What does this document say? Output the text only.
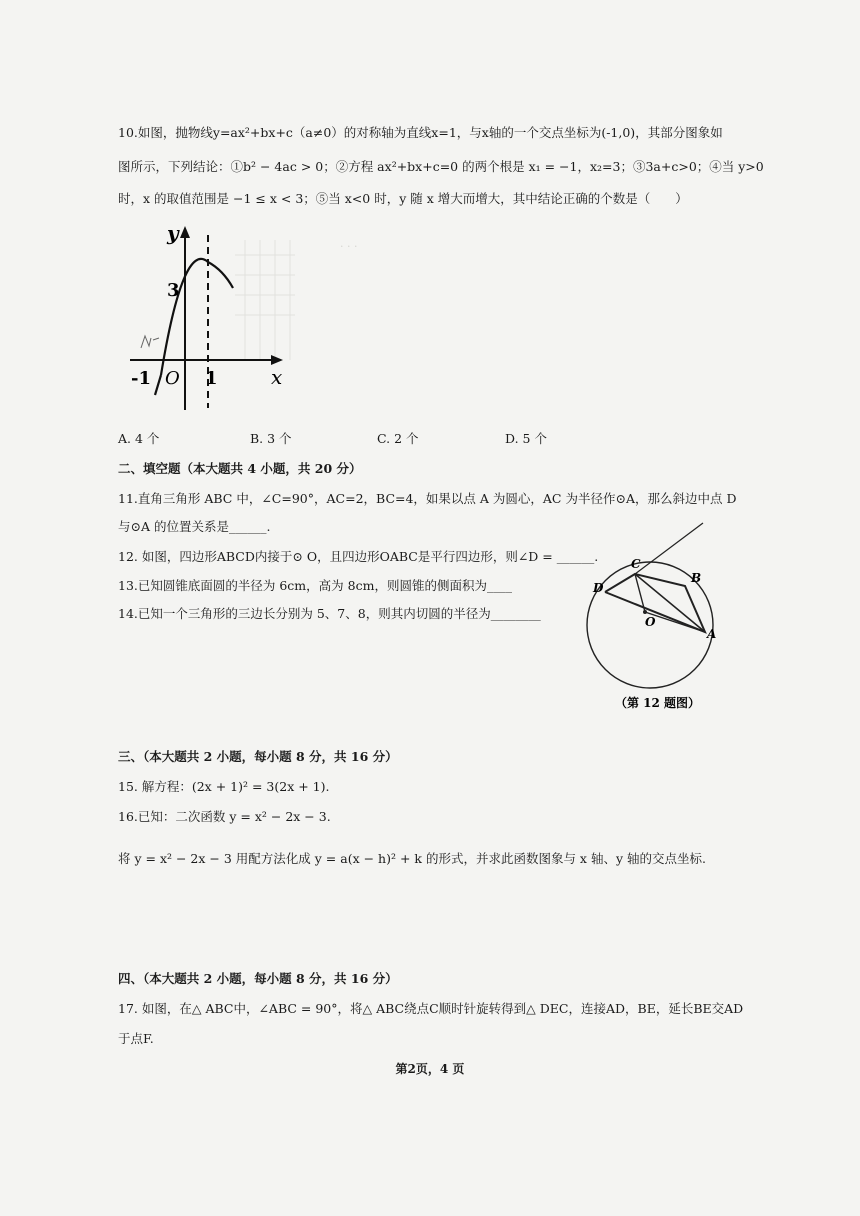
· · ·
10.如图，抛物线y=ax²+bx+c（a≠0）的对称轴为直线x=1，与x轴的一个交点坐标为(-1,0)，其部分图象如
图所示，下列结论：①b² − 4ac > 0；②方程 ax²+bx+c=0 的两个根是 x₁ = −1，x₂=3；③3a+c>0；④当 y>0
时，x 的取值范围是 −1 ≤ x < 3；⑤当 x<0 时，y 随 x 增大而增大，其中结论正确的个数是（　　）
y
x
3
-1 O 1
A. 4 个	B. 3 个	C. 2 个	D. 5 个
二、填空题（本大题共 4 小题，共 20 分）
11.直角三角形 ABC 中，∠C=90°，AC=2，BC=4，如果以点 A 为圆心，AC 为半径作⊙A，那么斜边中点 D
与⊙A 的位置关系是______.
12. 如图，四边形ABCD内接于⊙ O，且四边形OABC是平行四边形，则∠D = ______.
13.已知圆锥底面圆的半径为 6cm，高为 8cm，则圆锥的侧面积为____
14.已知一个三角形的三边长分别为 5、7、8，则其内切圆的半径为________
C
B
D
A
O
（第 12 题图）
三、（本大题共 2 小题，每小题 8 分，共 16 分）
15. 解方程：(2x + 1)² = 3(2x + 1).
16.已知：二次函数 y = x² − 2x − 3.
将 y = x² − 2x − 3 用配方法化成 y = a(x − h)² + k 的形式，并求此函数图象与 x 轴、y 轴的交点坐标.
四、（本大题共 2 小题，每小题 8 分，共 16 分）
17. 如图，在△ ABC中，∠ABC = 90°，将△ ABC绕点C顺时针旋转得到△ DEC，连接AD，BE，延长BE交AD
于点F.
第2页，4 页
